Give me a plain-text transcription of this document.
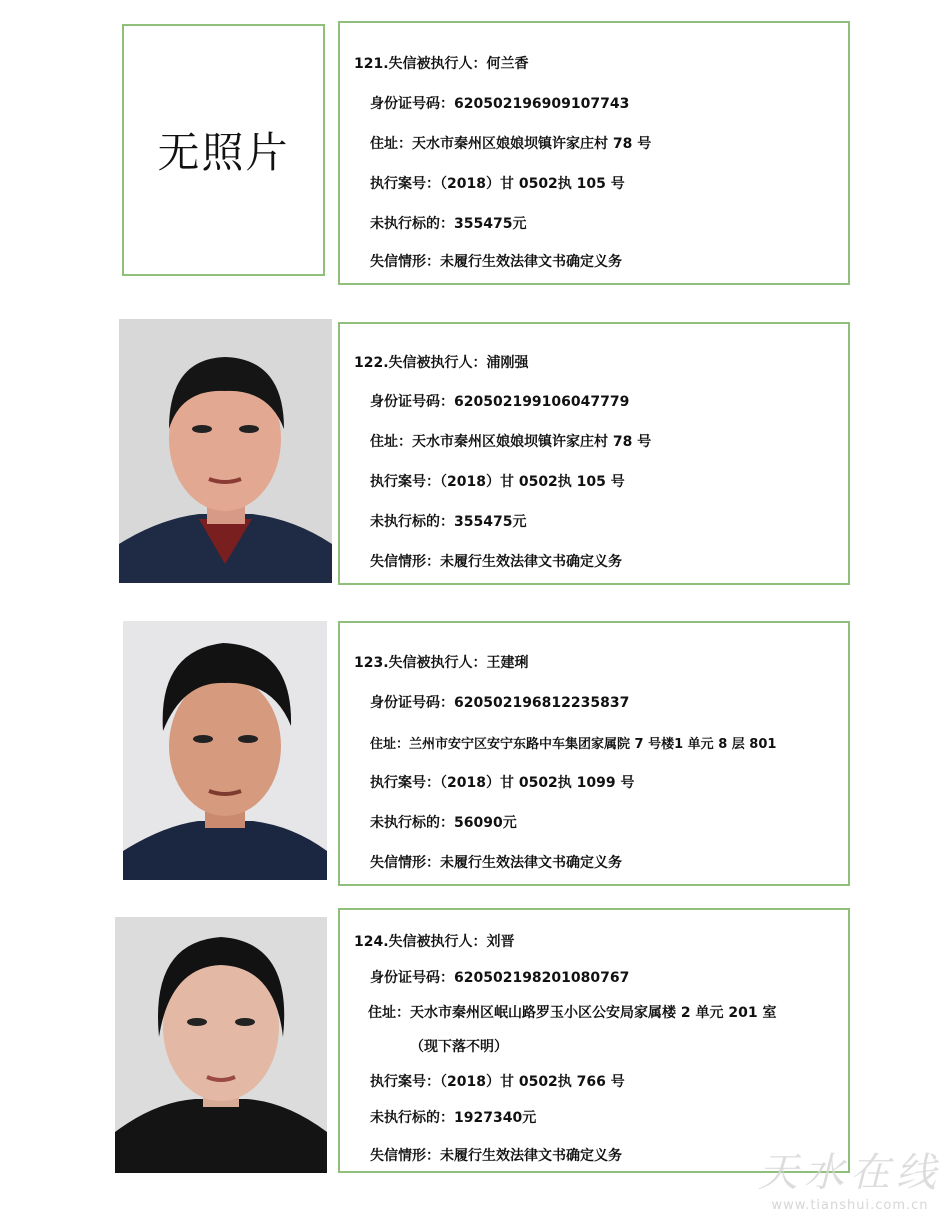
无照片
121.失信被执行人：何兰香
身份证号码：620502196909107743
住址：天水市秦州区娘娘坝镇许家庄村 78 号
执行案号：（2018）甘 0502执 105 号
未执行标的：355475元
失信情形：未履行生效法律文书确定义务
122.失信被执行人：浦刚强
身份证号码：620502199106047779
住址：天水市秦州区娘娘坝镇许家庄村 78 号
执行案号：（2018）甘 0502执 105 号
未执行标的：355475元
失信情形：未履行生效法律文书确定义务
123.失信被执行人：王建琍
身份证号码：620502196812235837
住址：兰州市安宁区安宁东路中车集团家属院 7 号楼1 单元 8 层 801
执行案号：（2018）甘 0502执 1099 号
未执行标的：56090元
失信情形：未履行生效法律文书确定义务
124.失信被执行人：刘晋
身份证号码：620502198201080767
住址：天水市秦州区岷山路罗玉小区公安局家属楼 2 单元 201 室
（现下落不明）
执行案号：（2018）甘 0502执 766 号
未执行标的：1927340元
失信情形：未履行生效法律文书确定义务	天水在线
www.tianshui.com.cn
